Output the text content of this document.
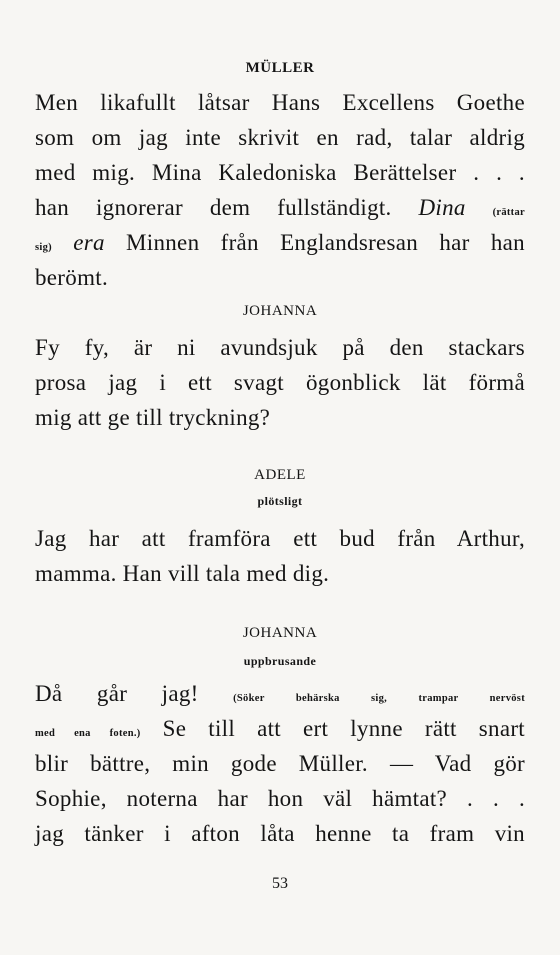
MÜLLER
Men likafullt låtsar Hans Excellens Goethe
som om jag inte skrivit en rad, talar aldrig
med mig. Mina Kaledoniska Berättelser . . .
han ignorerar dem fullständigt. Dina	(rättar
sig) era Minnen från Englandsresan har han
berömt.
JOHANNA
Fy fy, är ni avundsjuk på den stackars
prosa jag i ett svagt ögonblick lät förmå
mig att ge till tryckning?
ADELE
plötsligt
Jag har att framföra ett bud från Arthur,
mamma. Han vill tala med dig.
JOHANNA
uppbrusande
Då går jag!	(Söker behärska sig, trampar nervöst
med ena foten.) Se till att ert lynne rätt snart
blir bättre, min gode Müller. — Vad gör
Sophie, noterna har hon väl hämtat? . . .
jag tänker i afton låta henne ta fram vin
53
